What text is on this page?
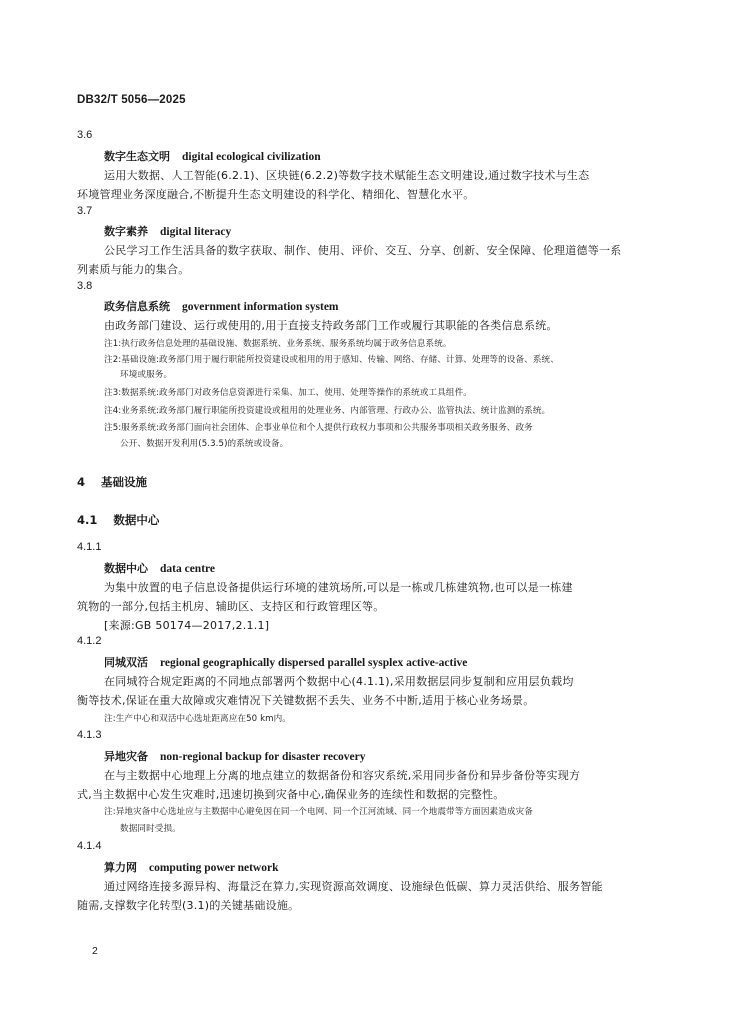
DB32/T 5056—2025
3.6
数字生态文明 digital ecological civilization
运用大数据、人工智能(6.2.1)、区块链(6.2.2)等数字技术赋能生态文明建设,通过数字技术与生态
环境管理业务深度融合,不断提升生态文明建设的科学化、精细化、智慧化水平。
3.7
数字素养 digital literacy
公民学习工作生活具备的数字获取、制作、使用、评价、交互、分享、创新、安全保障、伦理道德等一系
列素质与能力的集合。
3.8
政务信息系统 government information system
由政务部门建设、运行或使用的,用于直接支持政务部门工作或履行其职能的各类信息系统。
注1:执行政务信息处理的基础设施、数据系统、业务系统、服务系统均属于政务信息系统。
注2:基础设施:政务部门用于履行职能所投资建设或租用的用于感知、传输、网络、存储、计算、处理等的设备、系统、
环境或服务。
注3:数据系统:政务部门对政务信息资源进行采集、加工、使用、处理等操作的系统或工具组件。
注4:业务系统:政务部门履行职能所投资建设或租用的处理业务、内部管理、行政办公、监管执法、统计监测的系统。
注5:服务系统:政务部门面向社会团体、企事业单位和个人提供行政权力事项和公共服务事项相关政务服务、政务
公开、数据开发利用(5.3.5)的系统或设备。
4 基础设施
4.1 数据中心
4.1.1
数据中心 data centre
为集中放置的电子信息设备提供运行环境的建筑场所,可以是一栋或几栋建筑物,也可以是一栋建
筑物的一部分,包括主机房、辅助区、支持区和行政管理区等。
[来源:GB 50174—2017,2.1.1]
4.1.2
同城双活 regional geographically dispersed parallel sysplex active-active
在同城符合规定距离的不同地点部署两个数据中心(4.1.1),采用数据层同步复制和应用层负载均
衡等技术,保证在重大故障或灾难情况下关键数据不丢失、业务不中断,适用于核心业务场景。
注:生产中心和双活中心选址距离应在50 km内。
4.1.3
异地灾备 non-regional backup for disaster recovery
在与主数据中心地理上分离的地点建立的数据备份和容灾系统,采用同步备份和异步备份等实现方
式,当主数据中心发生灾难时,迅速切换到灾备中心,确保业务的连续性和数据的完整性。
注:异地灾备中心选址应与主数据中心避免因在同一个电网、同一个江河流域、同一个地震带等方面因素造成灾备
数据同时受损。
4.1.4
算力网 computing power network
通过网络连接多源异构、海量泛在算力,实现资源高效调度、设施绿色低碳、算力灵活供给、服务智能
随需,支撑数字化转型(3.1)的关键基础设施。
2
